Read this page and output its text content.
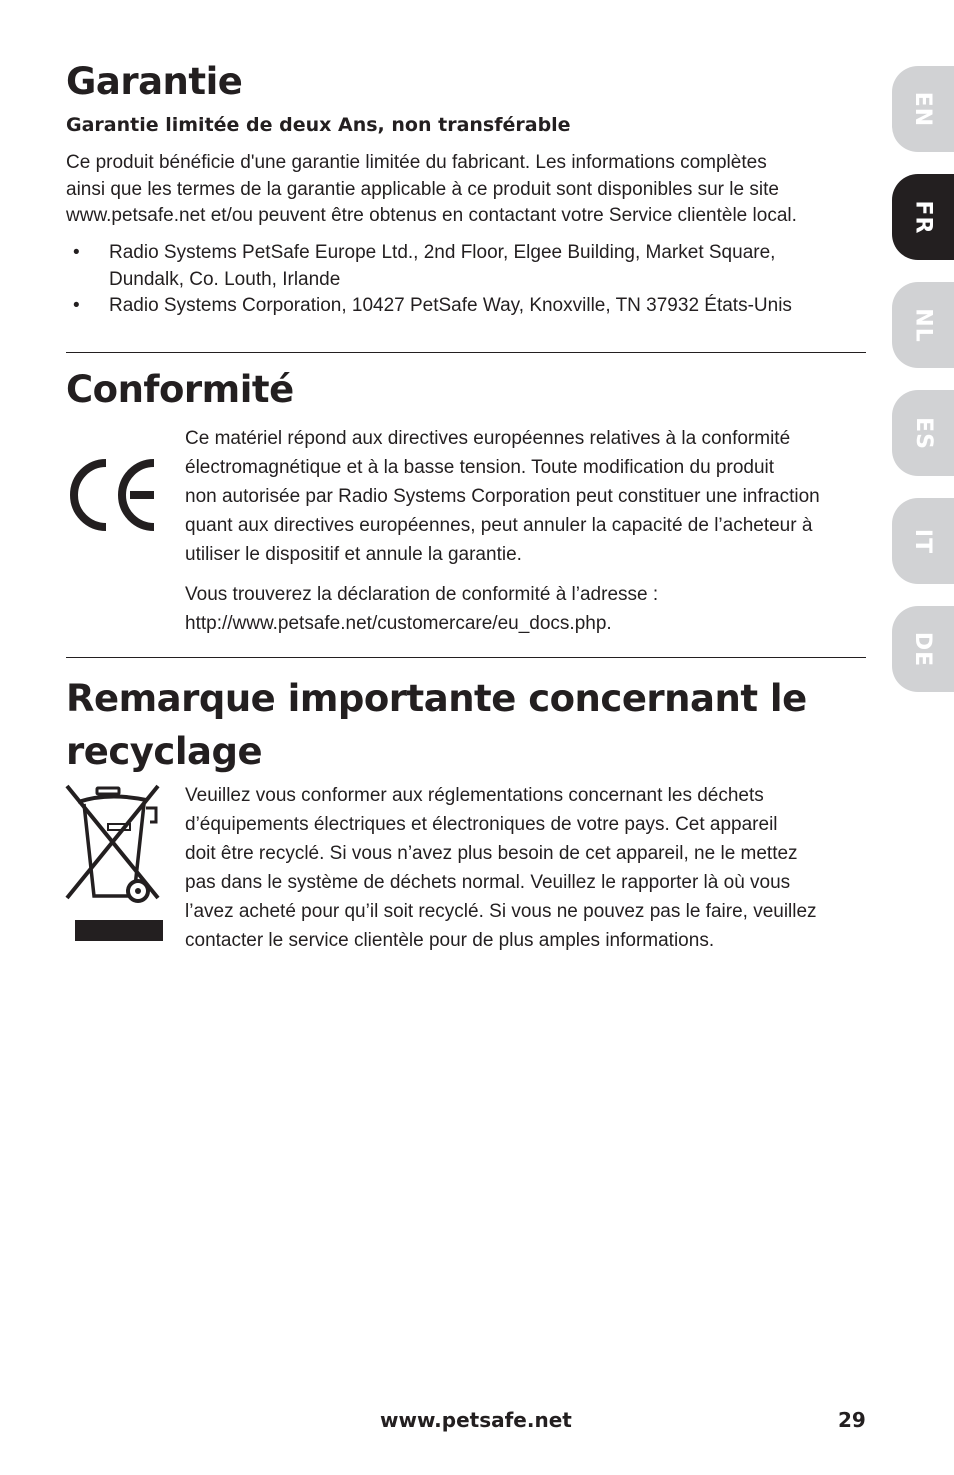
Garantie

Garantie limitée de deux Ans, non transférable

Ce produit bénéficie d'une garantie limitée du fabricant. Les informations complètes
ainsi que les termes de la garantie applicable à ce produit sont disponibles sur le site
www.petsafe.net et/ou peuvent être obtenus en contactant votre Service clientèle local.

• Radio Systems PetSafe Europe Ltd., 2nd Floor, Elgee Building, Market Square,
Dundalk, Co. Louth, Irlande
• Radio Systems Corporation, 10427 PetSafe Way, Knoxville, TN 37932 États-Unis
Conformité

Ce matériel répond aux directives européennes relatives à la conformité
électromagnétique et à la basse tension. Toute modification du produit
non autorisée par Radio Systems Corporation peut constituer une infraction
quant aux directives européennes, peut annuler la capacité de l’acheteur à
utiliser le dispositif et annule la garantie.

Vous trouverez la déclaration de conformité à l’adresse :
http://www.petsafe.net/customercare/eu_docs.php.

Remarque importante concernant le
recyclage

Veuillez vous conformer aux réglementations concernant les déchets
d’équipements électriques et électroniques de votre pays. Cet appareil
doit être recyclé. Si vous n’avez plus besoin de cet appareil, ne le mettez
pas dans le système de déchets normal. Veuillez le rapporter là où vous
l’avez acheté pour qu’il soit recyclé. Si vous ne pouvez pas le faire, veuillez
contacter le service clientèle pour de plus amples informations.

EN
FR
NL
ES
IT
DE
www.petsafe.net	29
